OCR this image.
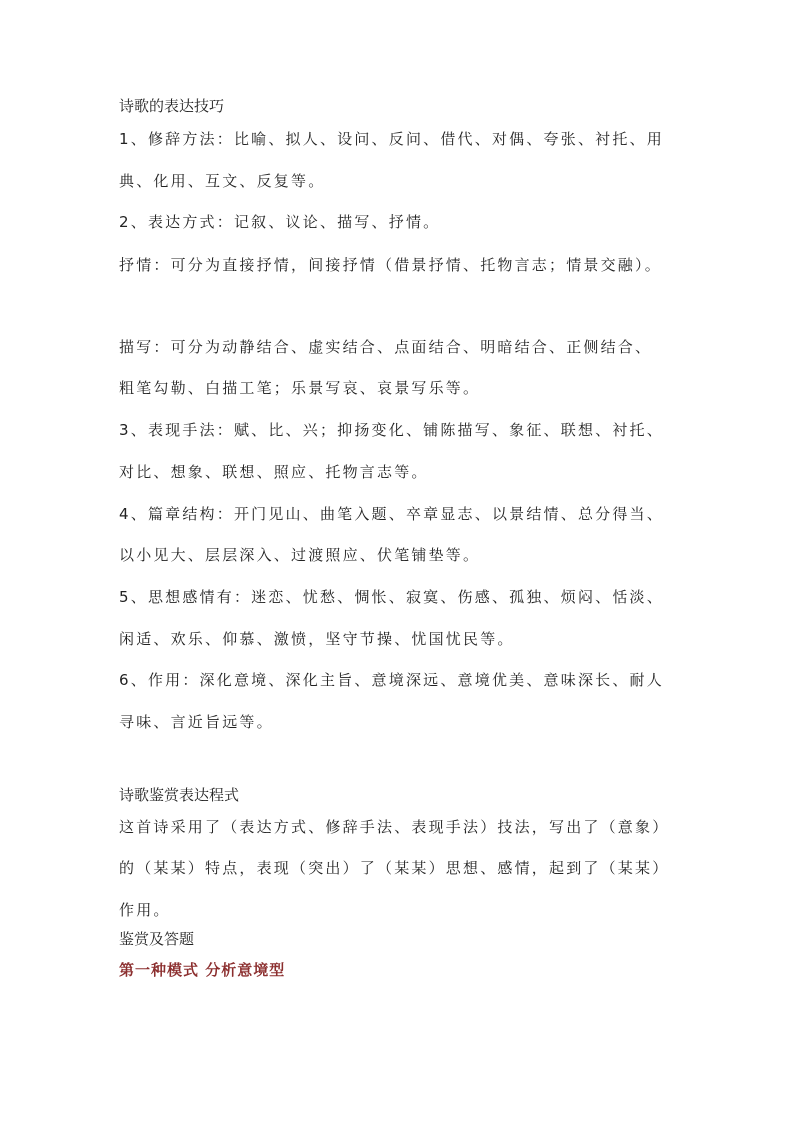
诗歌的表达技巧
1、修辞方法：比喻、拟人、设问、反问、借代、对偶、夸张、衬托、用
典、化用、互文、反复等。
2、表达方式：记叙、议论、描写、抒情。
抒情：可分为直接抒情，间接抒情（借景抒情、托物言志；情景交融）。
描写：可分为动静结合、虚实结合、点面结合、明暗结合、正侧结合、
粗笔勾勒、白描工笔；乐景写哀、哀景写乐等。
3、表现手法：赋、比、兴；抑扬变化、铺陈描写、象征、联想、衬托、
对比、想象、联想、照应、托物言志等。
4、篇章结构：开门见山、曲笔入题、卒章显志、以景结情、总分得当、
以小见大、层层深入、过渡照应、伏笔铺垫等。
5、思想感情有：迷恋、忧愁、惆怅、寂寞、伤感、孤独、烦闷、恬淡、
闲适、欢乐、仰慕、激愤，坚守节操、忧国忧民等。
6、作用：深化意境、深化主旨、意境深远、意境优美、意味深长、耐人
寻味、言近旨远等。
诗歌鉴赏表达程式
这首诗采用了（表达方式、修辞手法、表现手法）技法，写出了（意象）
的（某某）特点，表现（突出）了（某某）思想、感情，起到了（某某）
作用。
鉴赏及答题
第一种模式 分析意境型
